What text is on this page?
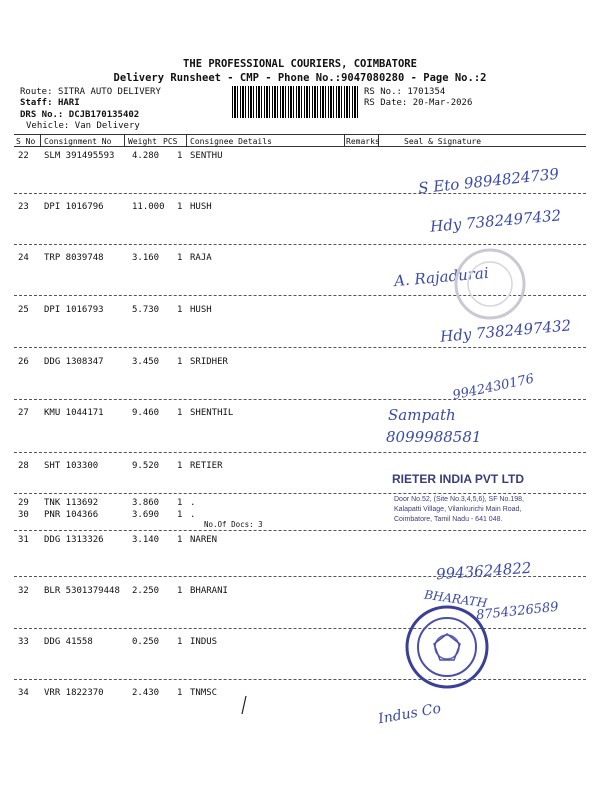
THE PROFESSIONAL COURIERS, COIMBATORE
Delivery Runsheet - CMP - Phone No.:9047080280 - Page No.:2
Route: SITRA AUTO DELIVERY
Staff: HARI
DRS No.: DCJB170135402
Vehicle: Van Delivery
RS No.: 1701354
RS Date: 20-Mar-2026
S No Consignment No Weight PCS Consignee Details	Remarks	Seal & Signature
22 SLM 391495593 4.280 1 SENTHU
23 DPI 1016796	11.000 1 HUSH
24 TRP 8039748	3.160 1 RAJA
25 DPI 1016793	5.730 1 HUSH
26 DDG 1308347	3.450 1 SRIDHER
27 KMU 1044171	9.460 1 SHENTHIL
28 SHT 103300	9.520 1 RETIER
29 TNK 113692	3.860 1 .
30 PNR 104366	3.690 1 .
No.Of Docs: 3
31 DDG 1313326	3.140 1 NAREN
32 BLR 5301379448 2.250 1 BHARANI
33 DDG 41558	0.250 1 INDUS
34 VRR 1822370	2.430 1 TNMSC
S Eto 9894824739
Hdy 7382497432
A. Rajadurai
Hdy 7382497432
9942430176
Sampath
8099988581
9943624822
BHARATH
8754326589
Indus Co
RIETER INDIA PVT LTD
Door No.52, (Site No.3,4,5,6), SF No.198,
Kalapatti Village, Vilankurichi Main Road,
Coimbatore, Tamil Nadu - 641 048.
